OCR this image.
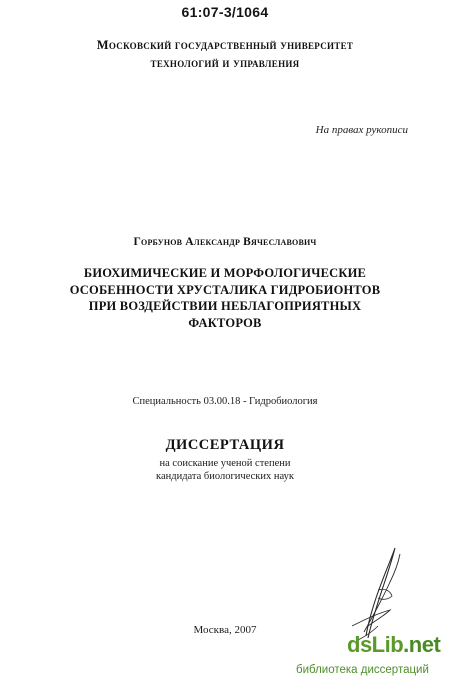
61:07-3/1064
Московский государственный университет
технологий и управления
На правах рукописи
Горбунов Александр Вячеславович
БИОХИМИЧЕСКИЕ И МОРФОЛОГИЧЕСКИЕ
ОСОБЕННОСТИ ХРУСТАЛИКА ГИДРОБИОНТОВ
ПРИ ВОЗДЕЙСТВИИ НЕБЛАГОПРИЯТНЫХ
ФАКТОРОВ
Специальность 03.00.18 - Гидробиология
ДИССЕРТАЦИЯ
на соискание ученой степени
кандидата биологических наук
Москва, 2007
dsLib.net
библиотека диссертаций
